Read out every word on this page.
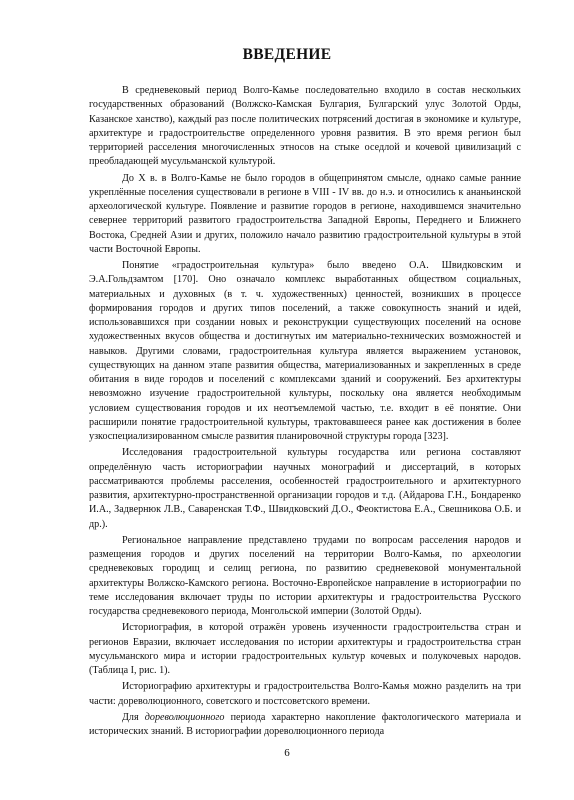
ВВЕДЕНИЕ

В средневековый период Волго-Камье последовательно входило в состав нескольких государственных образований (Волжско-Камская Булгария, Булгарский улус Золотой Орды, Казанское ханство), каждый раз после политических потрясений достигая в экономике и культуре, архитектуре и градостроительстве определенного уровня развития. В это время регион был территорией расселения многочисленных этносов на стыке оседлой и кочевой цивилизаций с преобладающей мусульманской культурой.

До X в. в Волго-Камье не было городов в общепринятом смысле, однако самые ранние укреплённые поселения существовали в регионе в VIII - IV вв. до н.э. и относились к ананьинской археологической культуре. Появление и развитие городов в регионе, находившемся значительно севернее территорий развитого градостроительства Западной Европы, Переднего и Ближнего Востока, Средней Азии и других, положило начало развитию градостроительной культуры в этой части Восточной Европы.

Понятие «градостроительная культура» было введено О.А. Швидковским и Э.А.Гольдзамтом [170]. Оно означало комплекс выработанных обществом социальных, материальных и духовных (в т. ч. художественных) ценностей, возникших в процессе формирования городов и других типов поселений, а также совокупность знаний и идей, использовавшихся при создании новых и реконструкции существующих поселений на основе художественных вкусов общества и достигнутых им материально-технических возможностей и навыков. Другими словами, градостроительная культура является выражением установок, существующих на данном этапе развития общества, материализованных и закрепленных в среде обитания в виде городов и поселений с комплексами зданий и сооружений. Без архитектуры невозможно изучение градостроительной культуры, поскольку она является необходимым условием существования городов и их неотъемлемой частью, т.е. входит в её понятие. Они расширили понятие градостроительной культуры, трактовавшееся ранее как достижения в более узкоспециализированном смысле развития планировочной структуры города [323].

Исследования градостроительной культуры государства или региона составляют определённую часть историографии научных монографий и диссертаций, в которых рассматриваются проблемы расселения, особенностей градостроительного и архитектурного развития, архитектурно-пространственной организации городов и т.д. (Айдарова Г.Н., Бондаренко И.А., Задвернюк Л.В., Саваренская Т.Ф., Швидковский Д.О., Феоктистова Е.А., Свешникова О.Б. и др.).

Региональное направление представлено трудами по вопросам расселения народов и размещения городов и других поселений на территории Волго-Камья, по археологии средневековых городищ и селищ региона, по развитию средневековой монументальной архитектуры Волжско-Камского региона. Восточно-Европейское направление в историографии по теме исследования включает труды по истории архитектуры и градостроительства Русского государства средневекового периода, Монгольской империи (Золотой Орды).

Историография, в которой отражён уровень изученности градостроительства стран и регионов Евразии, включает исследования по истории архитектуры и градостроительства стран мусульманского мира и истории градостроительных культур кочевых и полукочевых народов. (Таблица I, рис. 1).

Историографию архитектуры и градостроительства Волго-Камья можно разделить на три части: дореволюционного, советского и постсоветского времени.

Для дореволюционного периода характерно накопление фактологического материала и исторических знаний. В историографии дореволюционного периода

6
